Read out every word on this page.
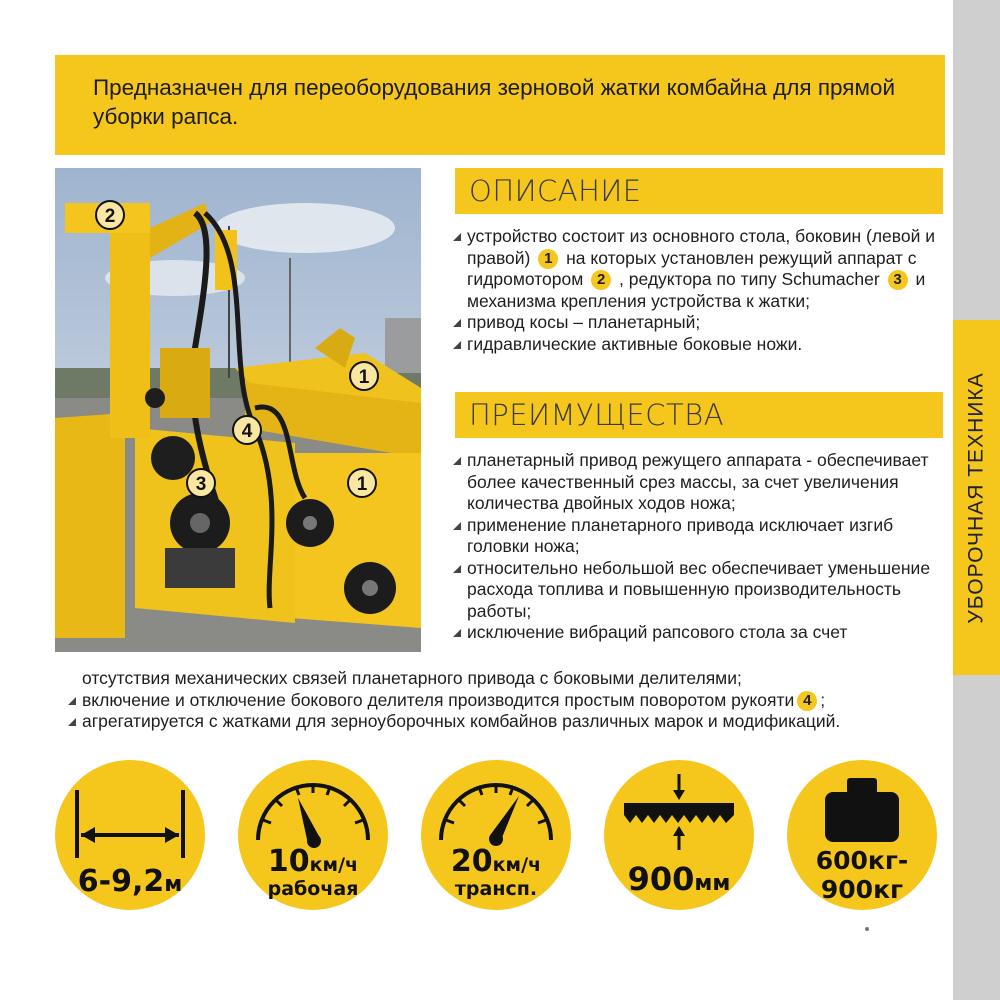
УБОРОЧНАЯ ТЕХНИКА
Предназначен для переоборудования зерновой жатки комбайна для прямой уборки рапса.
2
1
4
3	1
ОПИСАНИЕ
устройство состоит из основного стола, боковин (левой и правой) 1 на которых установлен режущий аппарат с гидромотором 2 , редуктора по типу Schumacher 3 и механизма крепления устройства к жатки;
привод косы – планетарный;
гидравлические активные боковые ножи.
ПРЕИМУЩЕСТВА
планетарный привод режущего аппарата - обеспечивает более качественный срез массы, за счет увеличения количества двойных ходов ножа;
применение планетарного привода исключает изгиб головки ножа;
относительно небольшой вес обеспечивает уменьшение расхода топлива и повышенную производительность работы;
исключение вибраций рапсового стола за счет
отсутствия механических связей планетарного привода с боковыми делителями;
включение и отключение бокового делителя производится простым поворотом рукояти 4 ;
агрегатируется с жатками для зерноуборочных комбайнов различных марок и модификаций.
6-9,2м
10км/ч
рабочая
20км/ч
трансп.	900мм
600кг-
900кг
